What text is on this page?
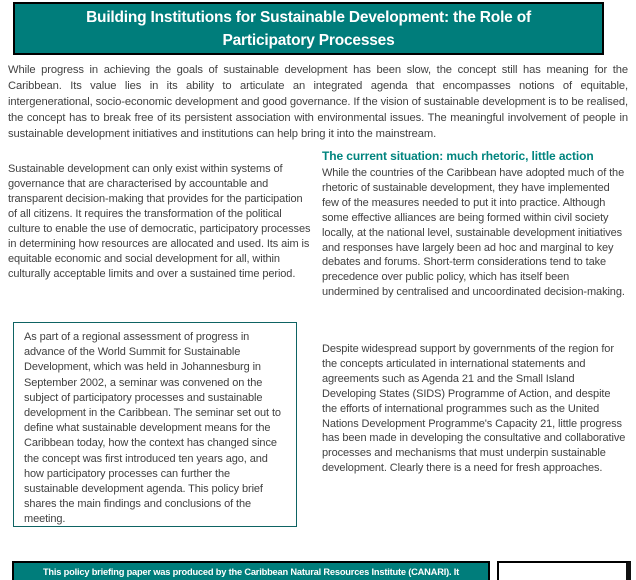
Building Institutions for Sustainable Development: the Role of
Participatory Processes

While progress in achieving the goals of sustainable development has been slow, the concept still has meaning for the Caribbean. Its value lies in its ability to articulate an integrated agenda that encompasses notions of equitable, intergenerational, socio-economic development and good governance. If the vision of sustainable development is to be realised, the concept has to break free of its persistent association with environmental issues. The meaningful involvement of people in sustainable development initiatives and institutions can help bring it into the mainstream.

Sustainable development can only exist within systems of governance that are characterised by accountable and transparent decision-making that provides for the participation of all citizens. It requires the transformation of the political culture to enable the use of democratic, participatory processes in determining how resources are allocated and used. Its aim is equitable economic and social development for all, within culturally acceptable limits and over a sustained time period.

As part of a regional assessment of progress in advance of the World Summit for Sustainable Development, which was held in Johannesburg in September 2002, a seminar was convened on the subject of participatory processes and sustainable development in the Caribbean. The seminar set out to define what sustainable development means for the Caribbean today, how the context has changed since the concept was first introduced ten years ago, and how participatory processes can further the sustainable development agenda. This policy brief shares the main findings and conclusions of the meeting.

The current situation: much rhetoric, little action

While the countries of the Caribbean have adopted much of the rhetoric of sustainable development, they have implemented few of the measures needed to put it into practice. Although some effective alliances are being formed within civil society locally, at the national level, sustainable development initiatives and responses have largely been ad hoc and marginal to key debates and forums. Short-term considerations tend to take precedence over public policy, which has itself been undermined by centralised and uncoordinated decision-making.

Despite widespread support by governments of the region for the concepts articulated in international statements and agreements such as Agenda 21 and the Small Island Developing States (SIDS) Programme of Action, and despite the efforts of international programmes such as the United Nations Development Programme's Capacity 21, little progress has been made in developing the consultative and collaborative processes and mechanisms that must underpin sustainable development. Clearly there is a need for fresh approaches.

This policy briefing paper was produced by the Caribbean Natural Resources Institute (CANARI). It
